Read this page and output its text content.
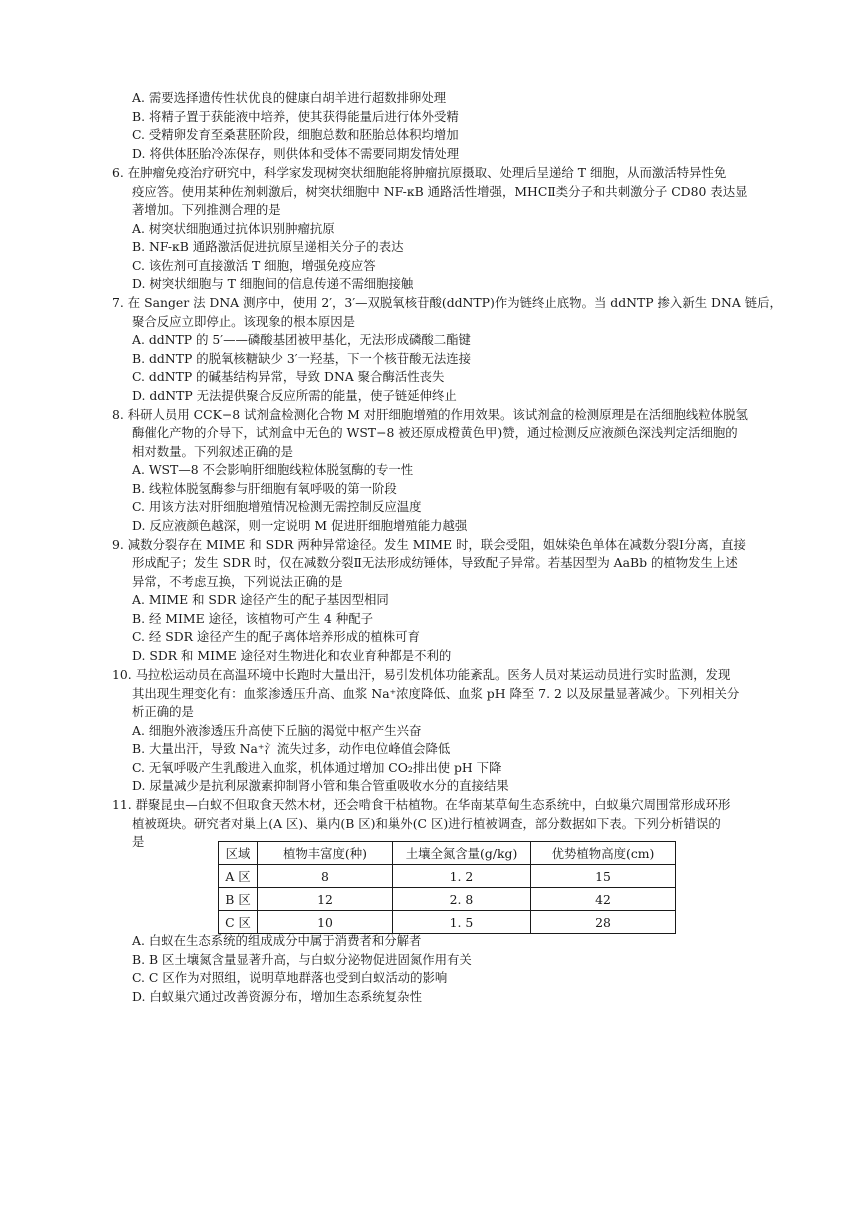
A. 需要选择遗传性状优良的健康白胡羊进行超数排卵处理
B. 将精子置于获能液中培养，使其获得能量后进行体外受精
C. 受精卵发育至桑葚胚阶段，细胞总数和胚胎总体积均增加
D. 将供体胚胎冷冻保存，则供体和受体不需要同期发情处理
6. 在肿瘤免疫治疗研究中，科学家发现树突状细胞能将肿瘤抗原摄取、处理后呈递给 T 细胞，从而激活特异性免
疫应答。使用某种佐剂刺激后，树突状细胞中 NF-κB 通路活性增强，MHCⅡ类分子和共刺激分子 CD80 表达显
著增加。下列推测合理的是
A. 树突状细胞通过抗体识别肿瘤抗原
B. NF-κB 通路激活促进抗原呈递相关分子的表达
C. 该佐剂可直接激活 T 细胞，增强免疫应答
D. 树突状细胞与 T 细胞间的信息传递不需细胞接触
7. 在 Sanger 法 DNA 测序中，使用 2′，3′—双脱氧核苷酸(ddNTP)作为链终止底物。当 ddNTP 掺入新生 DNA 链后，
聚合反应立即停止。该现象的根本原因是
A. ddNTP 的 5′——磷酸基团被甲基化，无法形成磷酸二酯键
B. ddNTP 的脱氧核糖缺少 3′一羟基，下一个核苷酸无法连接
C. ddNTP 的碱基结构异常，导致 DNA 聚合酶活性丧失
D. ddNTP 无法提供聚合反应所需的能量，使子链延伸终止
8. 科研人员用 CCK−8 试剂盒检测化合物 M 对肝细胞增殖的作用效果。该试剂盒的检测原理是在活细胞线粒体脱氢
酶催化产物的介导下，试剂盒中无色的 WST−8 被还原成橙黄色甲)赞，通过检测反应液颜色深浅判定活细胞的
相对数量。下列叙述正确的是
A. WST—8 不会影响肝细胞线粒体脱氢酶的专一性
B. 线粒体脱氢酶参与肝细胞有氧呼吸的第一阶段
C. 用该方法对肝细胞增殖情况检测无需控制反应温度
D. 反应液颜色越深，则一定说明 M 促进肝细胞增殖能力越强
9. 减数分裂存在 MIME 和 SDR 两种异常途径。发生 MIME 时，联会受阻，姐妹染色单体在减数分裂Ⅰ分离，直接
形成配子；发生 SDR 时，仅在减数分裂Ⅱ无法形成纺锤体，导致配子异常。若基因型为 AaBb 的植物发生上述
异常，不考虑互换，下列说法正确的是
A. MIME 和 SDR 途径产生的配子基因型相同
B. 经 MIME 途径，该植物可产生 4 种配子
C. 经 SDR 途径产生的配子离体培养形成的植株可育
D. SDR 和 MIME 途径对生物进化和农业育种都是不利的
10. 马拉松运动员在高温环境中长跑时大量出汗，易引发机体功能紊乱。医务人员对某运动员进行实时监测，发现
其出现生理变化有：血浆渗透压升高、血浆 Na⁺浓度降低、血浆 pH 降至 7. 2 以及尿量显著减少。下列相关分
析正确的是
A. 细胞外液渗透压升高使下丘脑的渴觉中枢产生兴奋
B. 大量出汗，导致 Na⁺氵流失过多，动作电位峰值会降低
C. 无氧呼吸产生乳酸进入血浆，机体通过增加 CO₂排出使 pH 下降
D. 尿量减少是抗利尿激素抑制肾小管和集合管重吸收水分的直接结果
11. 群聚昆虫—白蚁不但取食天然木材，还会啃食干枯植物。在华南某草甸生态系统中，白蚁巢穴周围常形成环形
植被斑块。研究者对巢上(A 区)、巢内(B 区)和巢外(C 区)进行植被调查，部分数据如下表。下列分析错误的
是
区域	植物丰富度(种)	土壤全氮含量(g/kg)	优势植物高度(cm)
A 区	8	1. 2	15
B 区	12	2. 8	42
C 区	10	1. 5	28
A. 白蚁在生态系统的组成成分中属于消费者和分解者
B. B 区土壤氮含量显著升高，与白蚁分泌物促进固氮作用有关
C. C 区作为对照组，说明草地群落也受到白蚁活动的影响
D. 白蚁巢穴通过改善资源分布，增加生态系统复杂性
